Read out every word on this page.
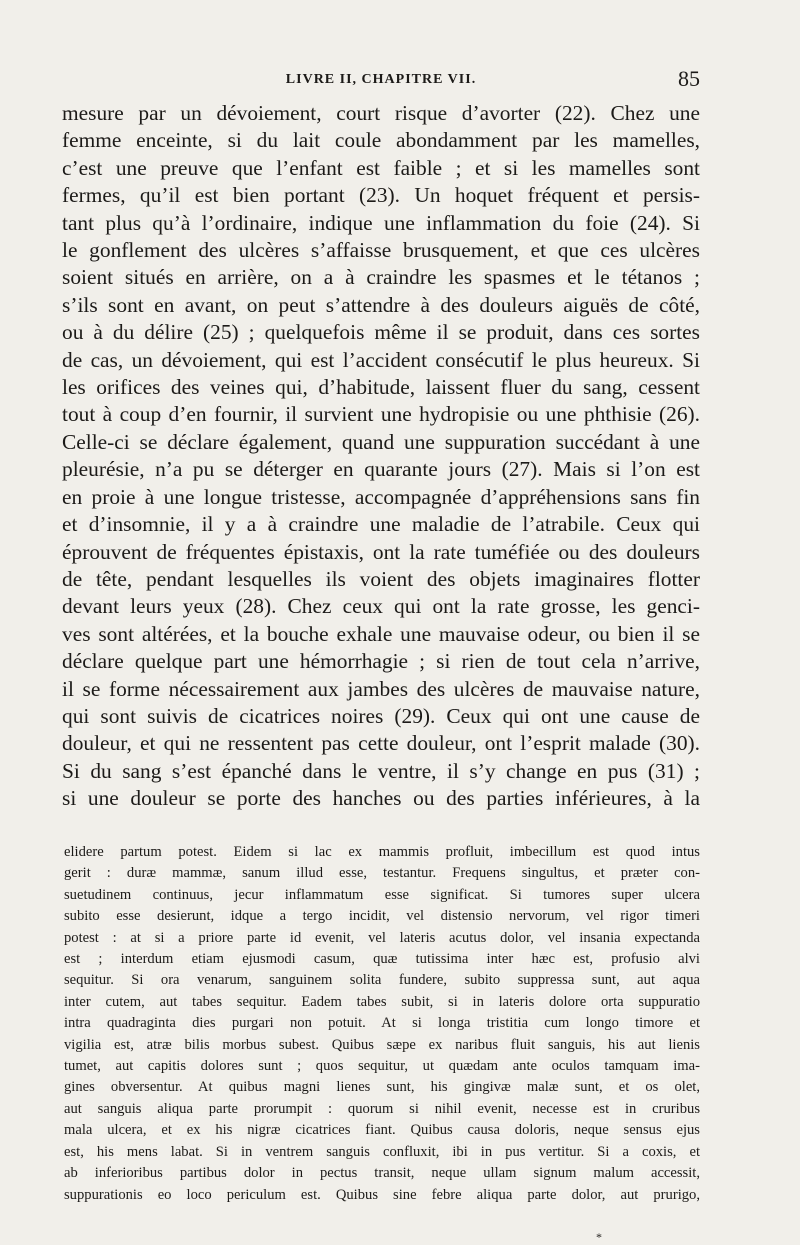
LIVRE II, CHAPITRE VII.	85
mesure par un dévoiement, court risque d’avorter (22). Chez une
femme enceinte, si du lait coule abondamment par les mamelles,
c’est une preuve que l’enfant est faible ; et si les mamelles sont
fermes, qu’il est bien portant (23). Un hoquet fréquent et persis-
tant plus qu’à l’ordinaire, indique une inflammation du foie (24). Si
le gonflement des ulcères s’affaisse brusquement, et que ces ulcères
soient situés en arrière, on a à craindre les spasmes et le tétanos ;
s’ils sont en avant, on peut s’attendre à des douleurs aiguës de côté,
ou à du délire (25) ; quelquefois même il se produit, dans ces sortes
de cas, un dévoiement, qui est l’accident consécutif le plus heureux. Si
les orifices des veines qui, d’habitude, laissent fluer du sang, cessent
tout à coup d’en fournir, il survient une hydropisie ou une phthisie (26).
Celle-ci se déclare également, quand une suppuration succédant à une
pleurésie, n’a pu se déterger en quarante jours (27). Mais si l’on est
en proie à une longue tristesse, accompagnée d’appréhensions sans fin
et d’insomnie, il y a à craindre une maladie de l’atrabile. Ceux qui
éprouvent de fréquentes épistaxis, ont la rate tuméfiée ou des douleurs
de tête, pendant lesquelles ils voient des objets imaginaires flotter
devant leurs yeux (28). Chez ceux qui ont la rate grosse, les genci-
ves sont altérées, et la bouche exhale une mauvaise odeur, ou bien il se
déclare quelque part une hémorrhagie ; si rien de tout cela n’arrive,
il se forme nécessairement aux jambes des ulcères de mauvaise nature,
qui sont suivis de cicatrices noires (29). Ceux qui ont une cause de
douleur, et qui ne ressentent pas cette douleur, ont l’esprit malade (30).
Si du sang s’est épanché dans le ventre, il s’y change en pus (31) ;
si une douleur se porte des hanches ou des parties inférieures, à la
elidere partum potest. Eidem si lac ex mammis profluit, imbecillum est quod intus
gerit : duræ mammæ, sanum illud esse, testantur. Frequens singultus, et præter con-
suetudinem continuus, jecur inflammatum esse significat. Si tumores super ulcera
subito esse desierunt, idque a tergo incidit, vel distensio nervorum, vel rigor timeri
potest : at si a priore parte id evenit, vel lateris acutus dolor, vel insania expectanda
est ; interdum etiam ejusmodi casum, quæ tutissima inter hæc est, profusio alvi
sequitur. Si ora venarum, sanguinem solita fundere, subito suppressa sunt, aut aqua
inter cutem, aut tabes sequitur. Eadem tabes subit, si in lateris dolore orta suppuratio
intra quadraginta dies purgari non potuit. At si longa tristitia cum longo timore et
vigilia est, atræ bilis morbus subest. Quibus sæpe ex naribus fluit sanguis, his aut lienis
tumet, aut capitis dolores sunt ; quos sequitur, ut quædam ante oculos tamquam ima-
gines obversentur. At quibus magni lienes sunt, his gingivæ malæ sunt, et os olet,
aut sanguis aliqua parte prorumpit : quorum si nihil evenit, necesse est in cruribus
mala ulcera, et ex his nigræ cicatrices fiant. Quibus causa doloris, neque sensus ejus
est, his mens labat. Si in ventrem sanguis confluxit, ibi in pus vertitur. Si a coxis, et
ab inferioribus partibus dolor in pectus transit, neque ullam signum malum accessit,
suppurationis eo loco periculum est. Quibus sine febre aliqua parte dolor, aut prurigo,
*
